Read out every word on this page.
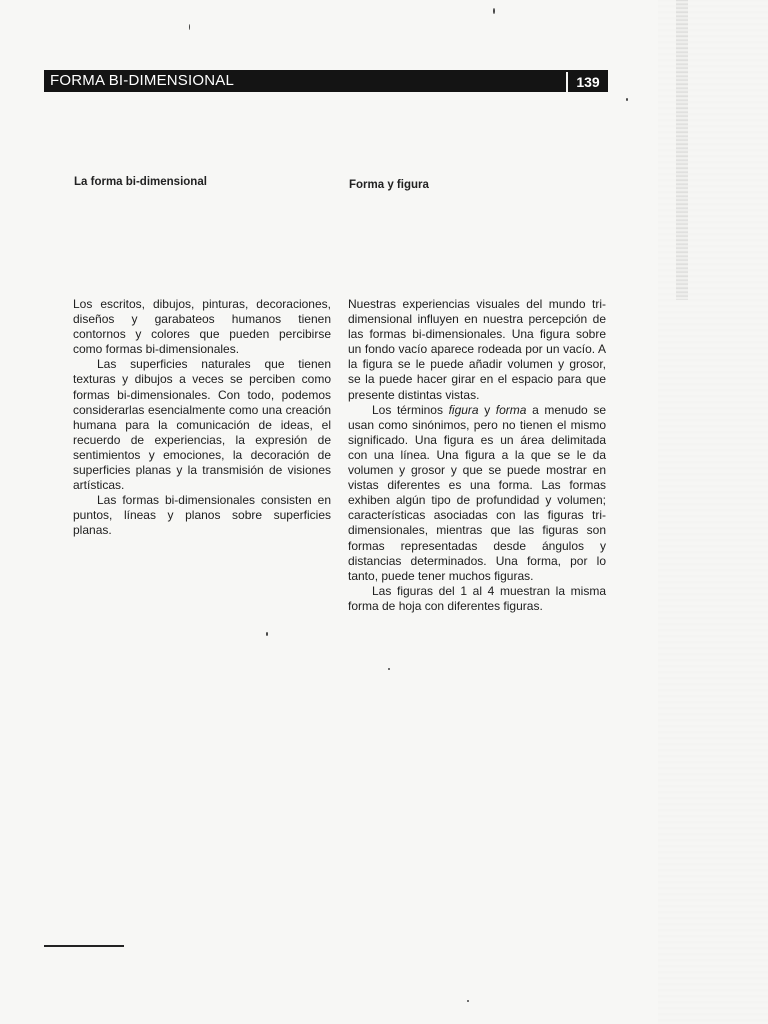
FORMA BI-DIMENSIONAL	139
La forma bi-dimensional	Forma y figura

Los escritos, dibujos, pinturas, decoraciones, diseños y garabateos humanos tienen contornos y colores que pueden percibirse como formas bi-dimensionales.

Las superficies naturales que tienen texturas y dibujos a veces se perciben como formas bi-dimensionales. Con todo, podemos considerarlas esencialmente como una creación humana para la comunicación de ideas, el recuerdo de experiencias, la expresión de sentimientos y emociones, la decoración de superficies planas y la transmisión de visiones artísticas.

Las formas bi-dimensionales consisten en puntos, líneas y planos sobre superficies planas.

Nuestras experiencias visuales del mundo tri-dimensional influyen en nuestra percepción de las formas bi-dimensionales. Una figura sobre un fondo vacío aparece rodeada por un vacío. A la figura se le puede añadir volumen y grosor, se la puede hacer girar en el espacio para que presente distintas vistas.

Los términos figura y forma a menudo se usan como sinónimos, pero no tienen el mismo significado. Una figura es un área delimitada con una línea. Una figura a la que se le da volumen y grosor y que se puede mostrar en vistas diferentes es una forma. Las formas exhiben algún tipo de profundidad y volumen; características asociadas con las figuras tri-dimensionales, mientras que las figuras son formas representadas desde ángulos y distancias determinados. Una forma, por lo tanto, puede tener muchos figuras.

Las figuras del 1 al 4 muestran la misma forma de hoja con diferentes figuras.
